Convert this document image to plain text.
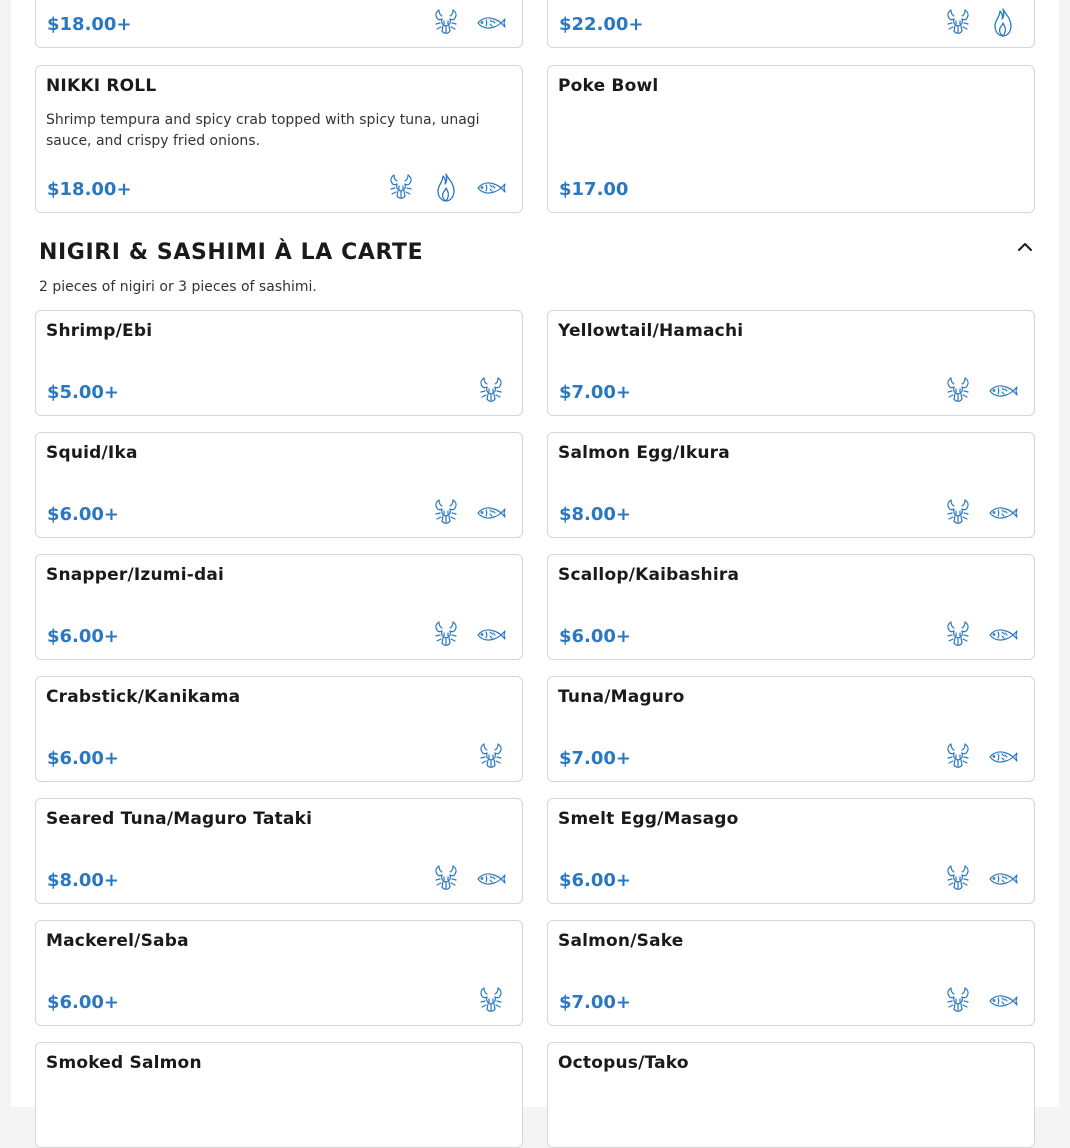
$18.00+	$22.00+
NIKKI ROLL
Shrimp tempura and spicy crab topped with spicy tuna, unagi sauce, and crispy fried onions.
$18.00+
Poke Bowl
$17.00
NIGIRI & SASHIMI À LA CARTE
2 pieces of nigiri or 3 pieces of sashimi.
Shrimp/Ebi
$5.00+
Yellowtail/Hamachi
$7.00+
Squid/Ika
$6.00+
Salmon Egg/Ikura
$8.00+
Snapper/Izumi-dai
$6.00+
Scallop/Kaibashira
$6.00+
Crabstick/Kanikama
$6.00+
Tuna/Maguro
$7.00+
Seared Tuna/Maguro Tataki
$8.00+
Smelt Egg/Masago
$6.00+
Mackerel/Saba
$6.00+
Salmon/Sake
$7.00+
Smoked Salmon	Octopus/Tako
